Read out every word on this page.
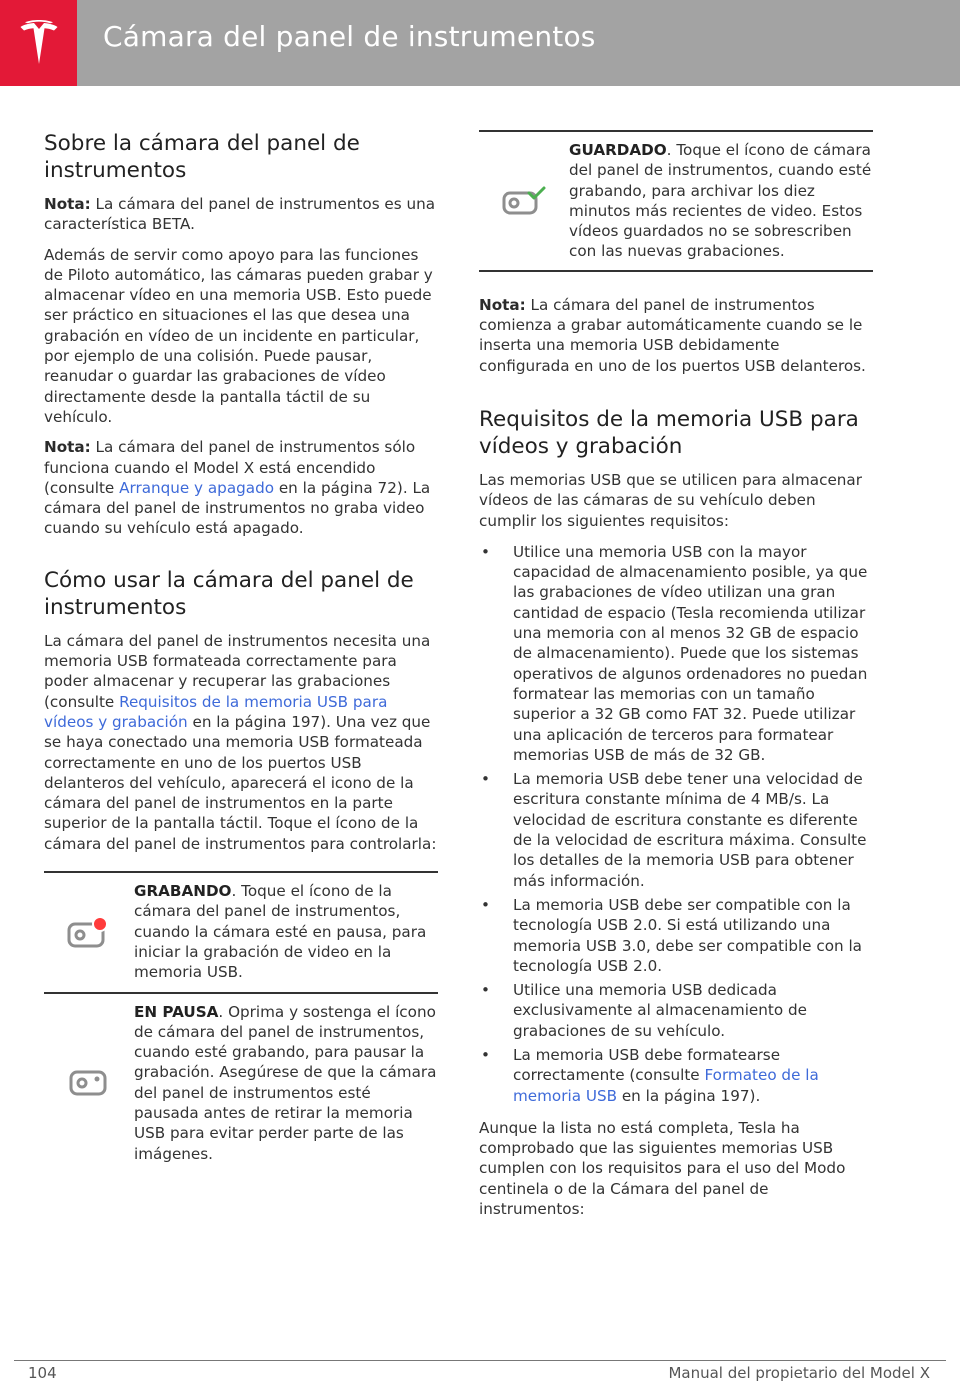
Cámara del panel de instrumentos
Sobre la cámara del panel de instrumentos

Nota: La cámara del panel de instrumentos es una característica BETA.

Además de servir como apoyo para las funciones de Piloto automático, las cámaras pueden grabar y almacenar vídeo en una memoria USB. Esto puede ser práctico en situaciones el las que desea una grabación en vídeo de un incidente en particular, por ejemplo de una colisión. Puede pausar, reanudar o guardar las grabaciones de vídeo directamente desde la pantalla táctil de su vehículo.

Nota: La cámara del panel de instrumentos sólo funciona cuando el Model X está encendido (consulte Arranque y apagado en la página 72). La cámara del panel de instrumentos no graba video cuando su vehículo está apagado.

Cómo usar la cámara del panel de instrumentos

La cámara del panel de instrumentos necesita una memoria USB formateada correctamente para poder almacenar y recuperar las grabaciones (consulte Requisitos de la memoria USB para vídeos y grabación en la página 197). Una vez que se haya conectado una memoria USB formateada correctamente en uno de los puertos USB delanteros del vehículo, aparecerá el icono de la cámara del panel de instrumentos en la parte superior de la pantalla táctil. Toque el ícono de la cámara del panel de instrumentos para controlarla:

GRABANDO. Toque el ícono de la cámara del panel de instrumentos, cuando la cámara esté en pausa, para iniciar la grabación de video en la memoria USB.
EN PAUSA. Oprima y sostenga el ícono de cámara del panel de instrumentos, cuando esté grabando, para pausar la grabación. Asegúrese de que la cámara del panel de instrumentos esté pausada antes de retirar la memoria USB para evitar perder parte de las imágenes.
GUARDADO. Toque el ícono de cámara del panel de instrumentos, cuando esté grabando, para archivar los diez minutos más recientes de video. Estos vídeos guardados no se sobrescriben con las nuevas grabaciones.

Nota: La cámara del panel de instrumentos comienza a grabar automáticamente cuando se le inserta una memoria USB debidamente configurada en uno de los puertos USB delanteros.

Requisitos de la memoria USB para vídeos y grabación

Las memorias USB que se utilicen para almacenar vídeos de las cámaras de su vehículo deben cumplir los siguientes requisitos:

• Utilice una memoria USB con la mayor capacidad de almacenamiento posible, ya que las grabaciones de vídeo utilizan una gran cantidad de espacio (Tesla recomienda utilizar una memoria con al menos 32 GB de espacio de almacenamiento). Puede que los sistemas operativos de algunos ordenadores no puedan formatear las memorias con un tamaño superior a 32 GB como FAT 32. Puede utilizar una aplicación de terceros para formatear memorias USB de más de 32 GB.
• La memoria USB debe tener una velocidad de escritura constante mínima de 4 MB/s. La velocidad de escritura constante es diferente de la velocidad de escritura máxima. Consulte los detalles de la memoria USB para obtener más información.
• La memoria USB debe ser compatible con la tecnología USB 2.0. Si está utilizando una memoria USB 3.0, debe ser compatible con la tecnología USB 2.0.
• Utilice una memoria USB dedicada exclusivamente al almacenamiento de grabaciones de su vehículo.
• La memoria USB debe formatearse correctamente (consulte Formateo de la memoria USB en la página 197).

Aunque la lista no está completa, Tesla ha comprobado que las siguientes memorias USB cumplen con los requisitos para el uso del Modo centinela o de la Cámara del panel de instrumentos:

104	Manual del propietario del Model X
